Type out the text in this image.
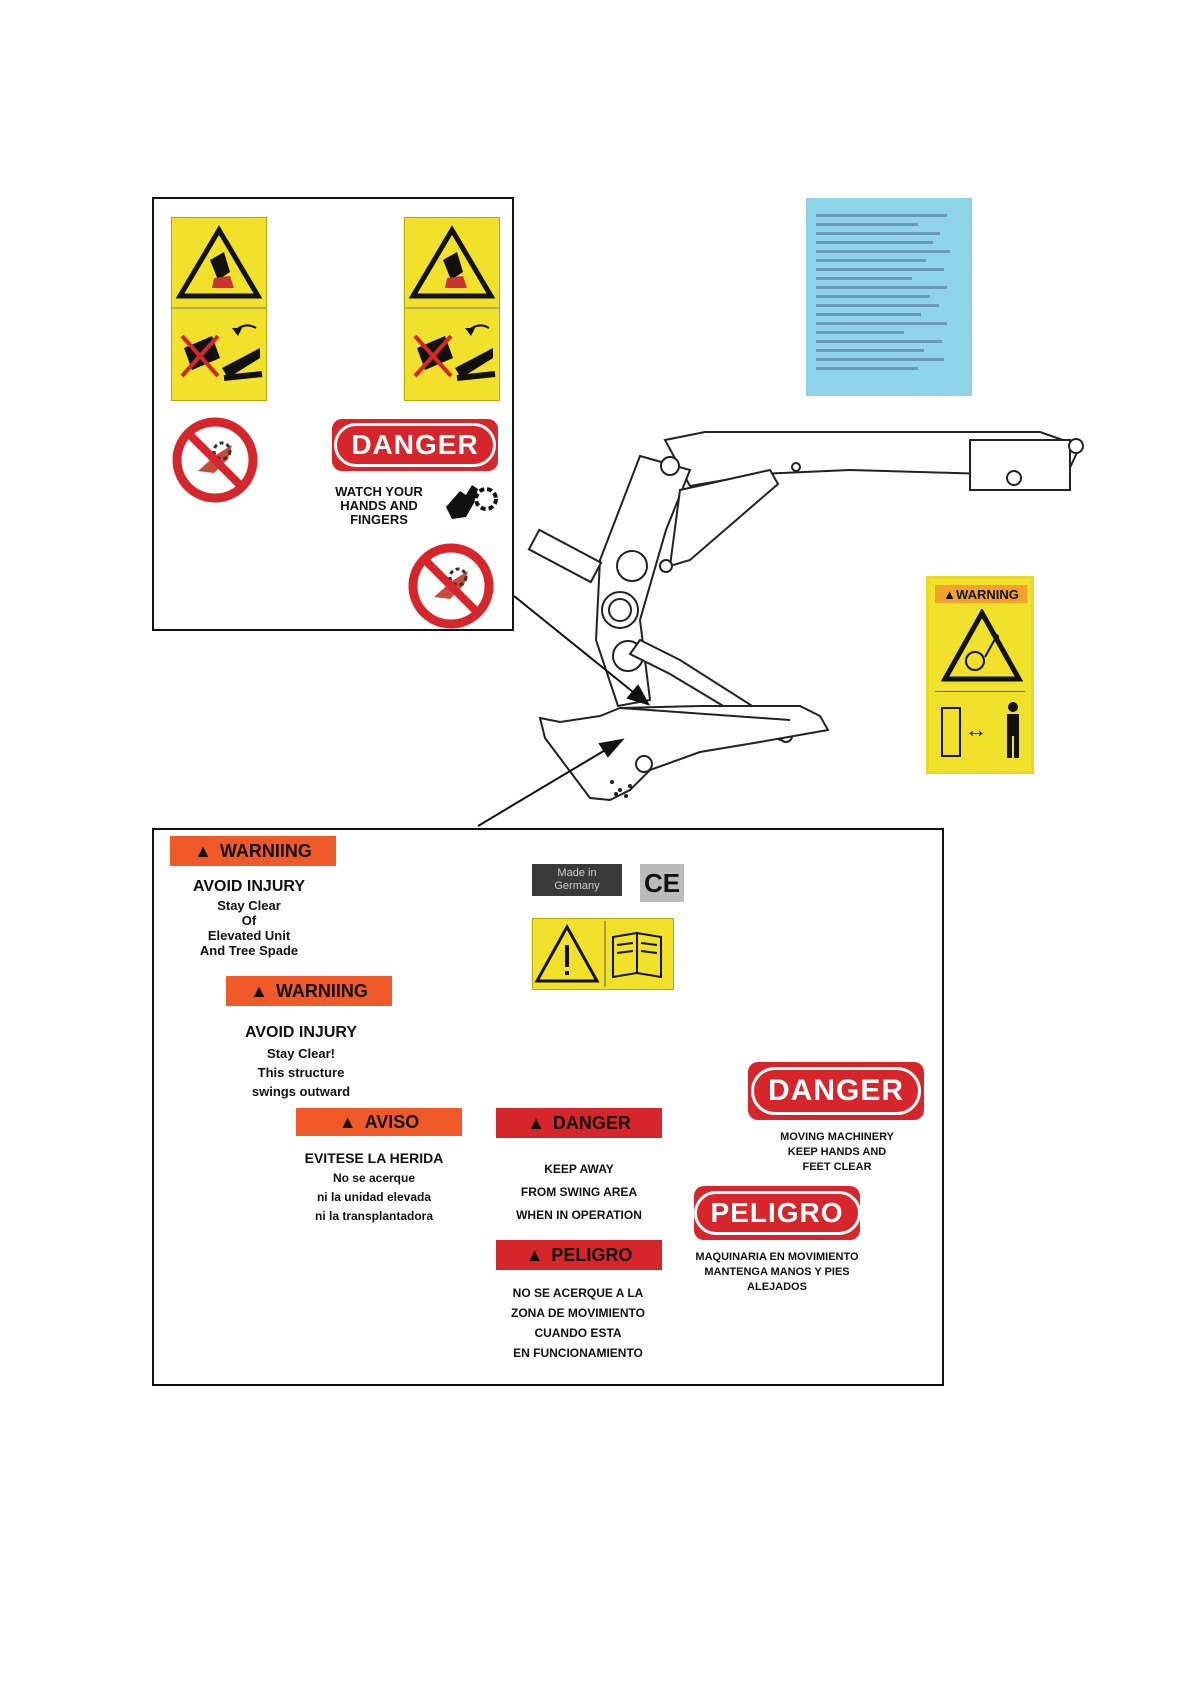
DANGER
WATCH YOUR
HANDS AND
FINGERS
▲ WARNING
↔
▲ WARNIING
AVOID INJURY
Stay Clear
Of
Elevated Unit
And Tree Spade
▲ WARNIING
AVOID INJURY
Stay Clear!
This structure
swings outward
▲ AVISO
EVITESE LA HERIDA
No se acerque
ni la unidad elevada
ni la transplantadora
Made in
Germany	CE
▲ DANGER
KEEP AWAY
FROM SWING AREA
WHEN IN OPERATION
▲ PELIGRO
NO SE ACERQUE A LA
ZONA DE MOVIMIENTO
CUANDO ESTA
EN FUNCIONAMIENTO
DANGER
MOVING MACHINERY
KEEP HANDS AND
FEET CLEAR
PELIGRO
MAQUINARIA EN MOVIMIENTO
MANTENGA MANOS Y PIES
ALEJADOS
